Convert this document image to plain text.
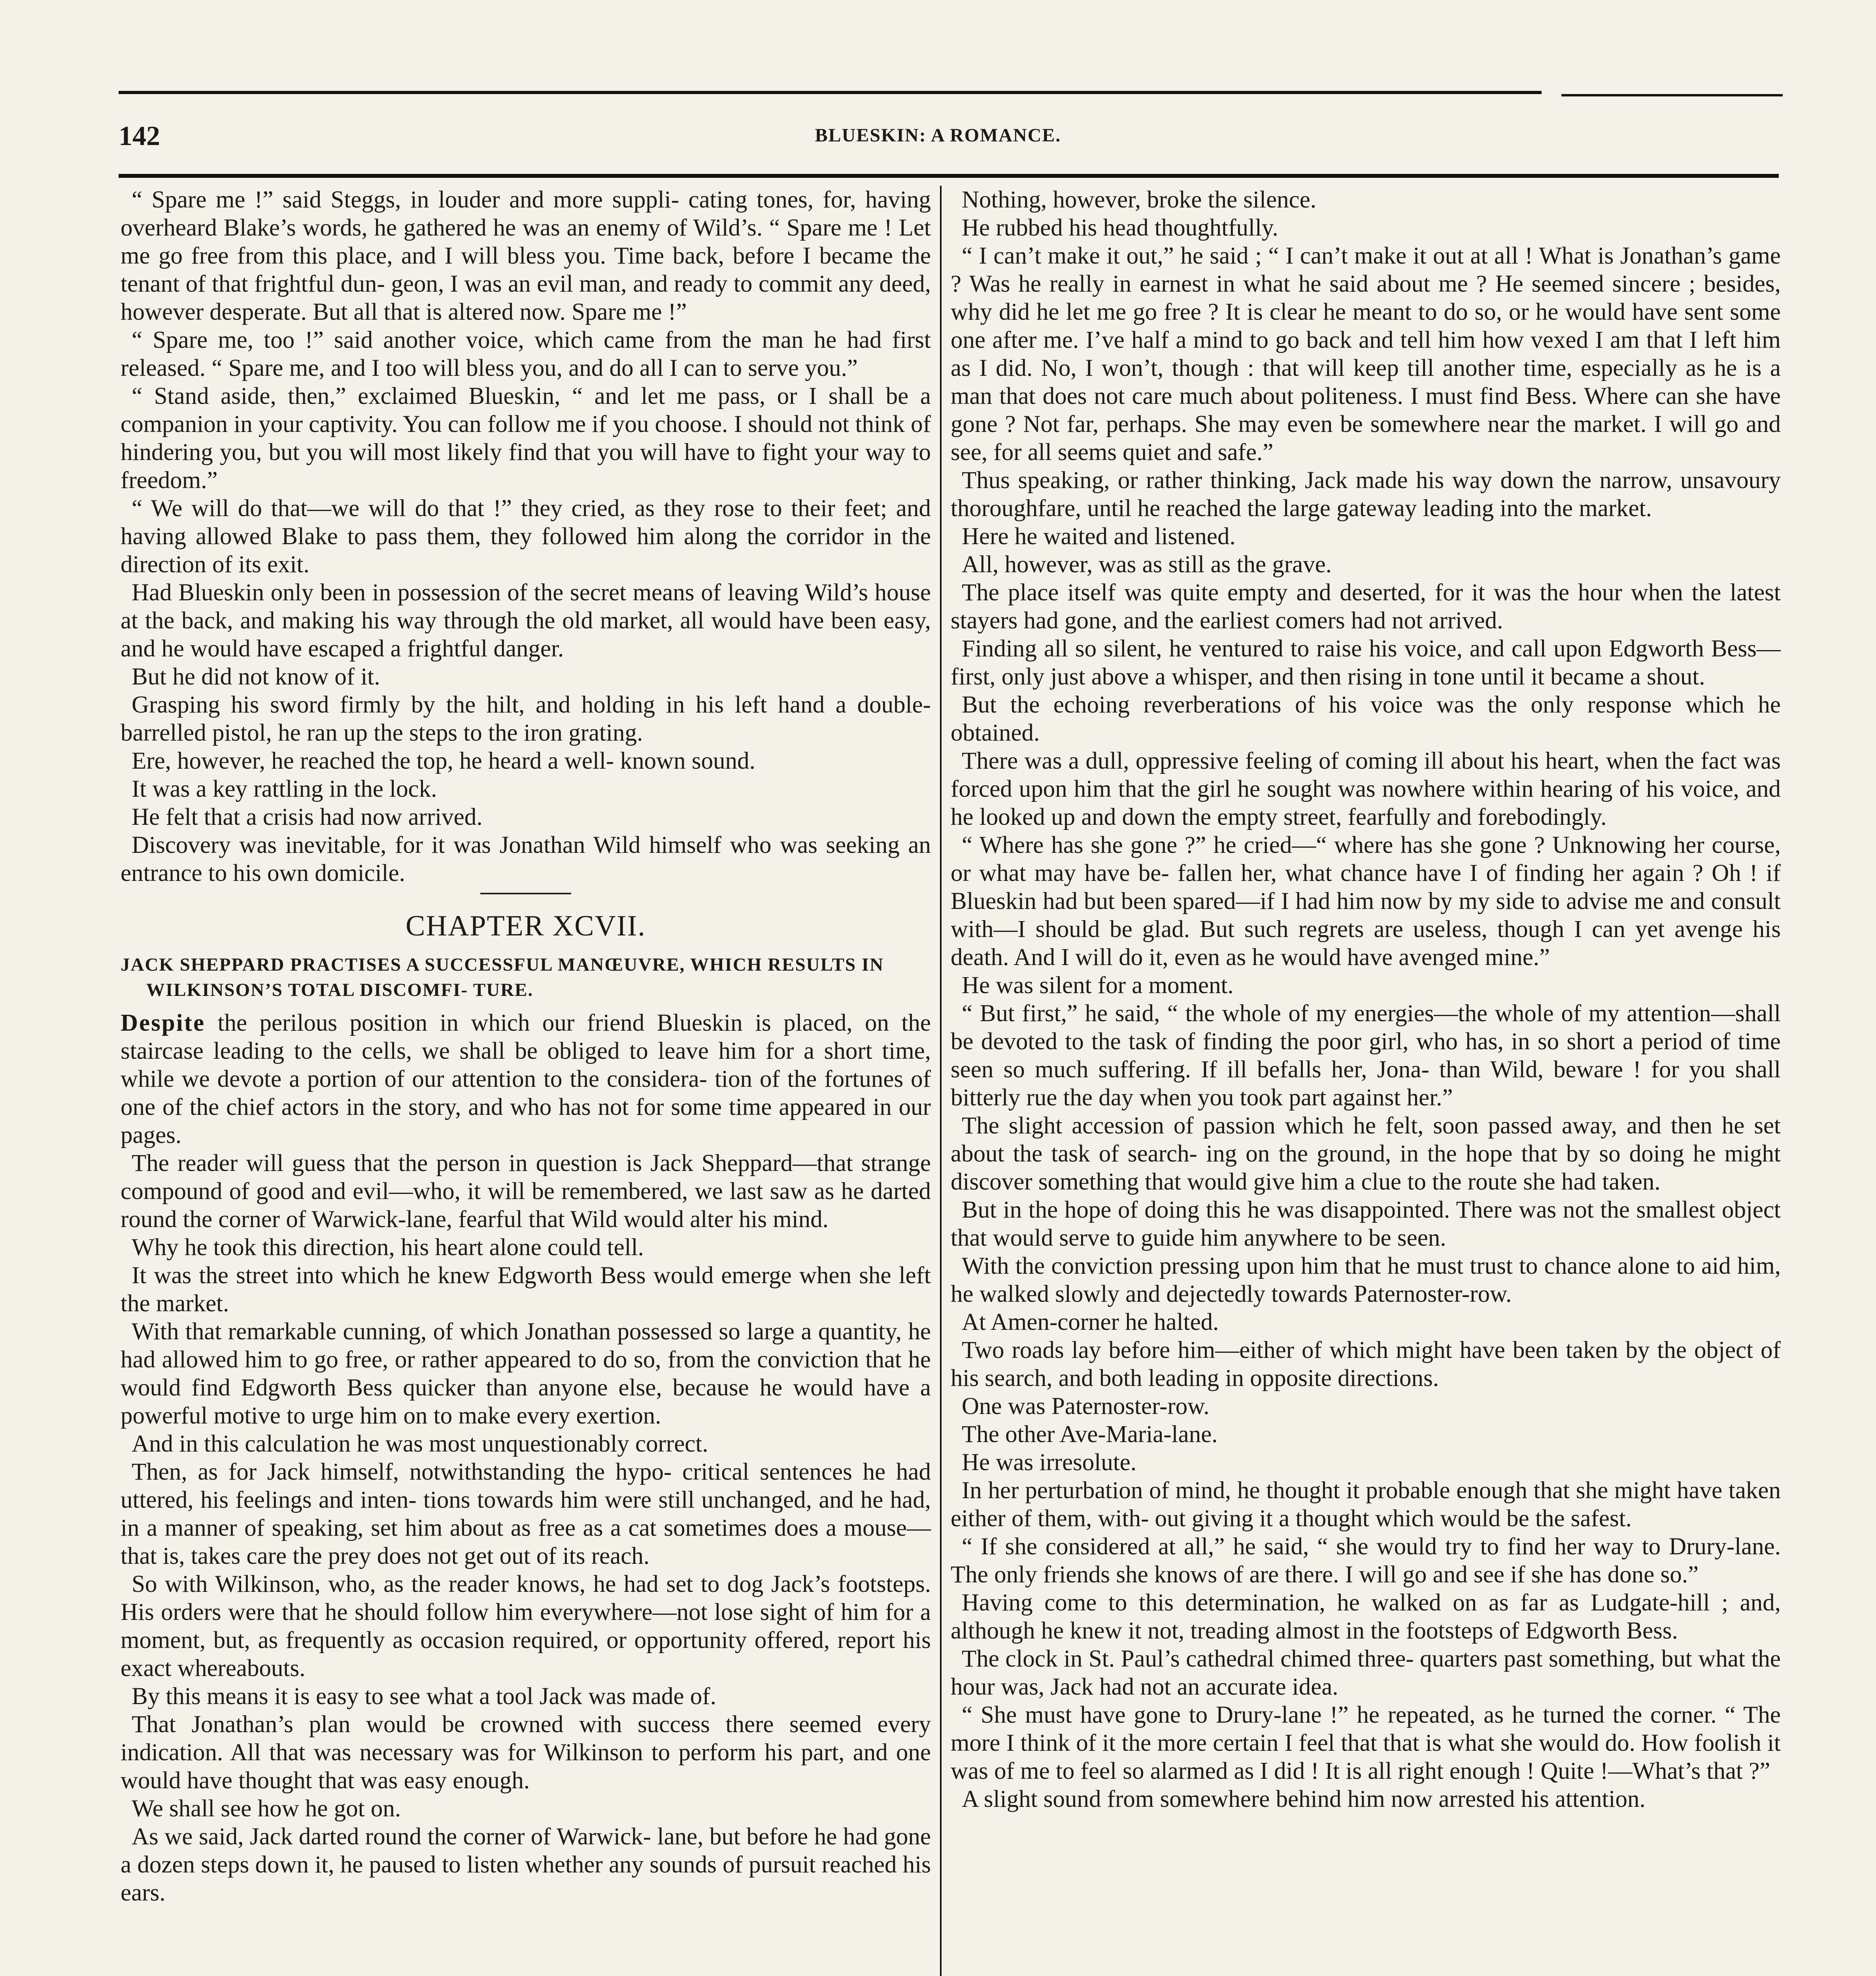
142	BLUESKIN: A ROMANCE.

“ Spare me !” said Steggs, in louder and more suppli- cating tones, for, having overheard Blake’s words, he gathered he was an enemy of Wild’s. “ Spare me ! Let me go free from this place, and I will bless you. Time back, before I became the tenant of that frightful dun- geon, I was an evil man, and ready to commit any deed, however desperate. But all that is altered now. Spare me !”

“ Spare me, too !” said another voice, which came from the man he had first released. “ Spare me, and I too will bless you, and do all I can to serve you.”

“ Stand aside, then,” exclaimed Blueskin, “ and let me pass, or I shall be a companion in your captivity. You can follow me if you choose. I should not think of hindering you, but you will most likely find that you will have to fight your way to freedom.”

“ We will do that—we will do that !” they cried, as they rose to their feet; and having allowed Blake to pass them, they followed him along the corridor in the direction of its exit.

Had Blueskin only been in possession of the secret means of leaving Wild’s house at the back, and making his way through the old market, all would have been easy, and he would have escaped a frightful danger.

But he did not know of it.

Grasping his sword firmly by the hilt, and holding in his left hand a double-barrelled pistol, he ran up the steps to the iron grating.

Ere, however, he reached the top, he heard a well- known sound.

It was a key rattling in the lock.

He felt that a crisis had now arrived.

Discovery was inevitable, for it was Jonathan Wild himself who was seeking an entrance to his own domicile.

CHAPTER XCVII.
JACK SHEPPARD PRACTISES A SUCCESSFUL MANŒUVRE, WHICH RESULTS IN WILKINSON’S TOTAL DISCOMFI- TURE.

Despite the perilous position in which our friend Blueskin is placed, on the staircase leading to the cells, we shall be obliged to leave him for a short time, while we devote a portion of our attention to the considera- tion of the fortunes of one of the chief actors in the story, and who has not for some time appeared in our pages.

The reader will guess that the person in question is Jack Sheppard—that strange compound of good and evil—who, it will be remembered, we last saw as he darted round the corner of Warwick-lane, fearful that Wild would alter his mind.

Why he took this direction, his heart alone could tell.

It was the street into which he knew Edgworth Bess would emerge when she left the market.

With that remarkable cunning, of which Jonathan possessed so large a quantity, he had allowed him to go free, or rather appeared to do so, from the conviction that he would find Edgworth Bess quicker than anyone else, because he would have a powerful motive to urge him on to make every exertion.

And in this calculation he was most unquestionably correct.

Then, as for Jack himself, notwithstanding the hypo- critical sentences he had uttered, his feelings and inten- tions towards him were still unchanged, and he had, in a manner of speaking, set him about as free as a cat sometimes does a mouse—that is, takes care the prey does not get out of its reach.

So with Wilkinson, who, as the reader knows, he had set to dog Jack’s footsteps. His orders were that he should follow him everywhere—not lose sight of him for a moment, but, as frequently as occasion required, or opportunity offered, report his exact whereabouts.

By this means it is easy to see what a tool Jack was made of.

That Jonathan’s plan would be crowned with success there seemed every indication. All that was necessary was for Wilkinson to perform his part, and one would have thought that was easy enough.

We shall see how he got on.

As we said, Jack darted round the corner of Warwick- lane, but before he had gone a dozen steps down it, he paused to listen whether any sounds of pursuit reached his ears.

Nothing, however, broke the silence.

He rubbed his head thoughtfully.

“ I can’t make it out,” he said ; “ I can’t make it out at all ! What is Jonathan’s game ? Was he really in earnest in what he said about me ? He seemed sincere ; besides, why did he let me go free ? It is clear he meant to do so, or he would have sent some one after me. I’ve half a mind to go back and tell him how vexed I am that I left him as I did. No, I won’t, though : that will keep till another time, especially as he is a man that does not care much about politeness. I must find Bess. Where can she have gone ? Not far, perhaps. She may even be somewhere near the market. I will go and see, for all seems quiet and safe.”

Thus speaking, or rather thinking, Jack made his way down the narrow, unsavoury thoroughfare, until he reached the large gateway leading into the market.

Here he waited and listened.

All, however, was as still as the grave.

The place itself was quite empty and deserted, for it was the hour when the latest stayers had gone, and the earliest comers had not arrived.

Finding all so silent, he ventured to raise his voice, and call upon Edgworth Bess—first, only just above a whisper, and then rising in tone until it became a shout.

But the echoing reverberations of his voice was the only response which he obtained.

There was a dull, oppressive feeling of coming ill about his heart, when the fact was forced upon him that the girl he sought was nowhere within hearing of his voice, and he looked up and down the empty street, fearfully and forebodingly.

“ Where has she gone ?” he cried—“ where has she gone ? Unknowing her course, or what may have be- fallen her, what chance have I of finding her again ? Oh ! if Blueskin had but been spared—if I had him now by my side to advise me and consult with—I should be glad. But such regrets are useless, though I can yet avenge his death. And I will do it, even as he would have avenged mine.”

He was silent for a moment.

“ But first,” he said, “ the whole of my energies—the whole of my attention—shall be devoted to the task of finding the poor girl, who has, in so short a period of time seen so much suffering. If ill befalls her, Jona- than Wild, beware ! for you shall bitterly rue the day when you took part against her.”

The slight accession of passion which he felt, soon passed away, and then he set about the task of search- ing on the ground, in the hope that by so doing he might discover something that would give him a clue to the route she had taken.

But in the hope of doing this he was disappointed. There was not the smallest object that would serve to guide him anywhere to be seen.

With the conviction pressing upon him that he must trust to chance alone to aid him, he walked slowly and dejectedly towards Paternoster-row.

At Amen-corner he halted.

Two roads lay before him—either of which might have been taken by the object of his search, and both leading in opposite directions.

One was Paternoster-row.

The other Ave-Maria-lane.

He was irresolute.

In her perturbation of mind, he thought it probable enough that she might have taken either of them, with- out giving it a thought which would be the safest.

“ If she considered at all,” he said, “ she would try to find her way to Drury-lane. The only friends she knows of are there. I will go and see if she has done so.”

Having come to this determination, he walked on as far as Ludgate-hill ; and, although he knew it not, treading almost in the footsteps of Edgworth Bess.

The clock in St. Paul’s cathedral chimed three- quarters past something, but what the hour was, Jack had not an accurate idea.

“ She must have gone to Drury-lane !” he repeated, as he turned the corner. “ The more I think of it the more certain I feel that that is what she would do. How foolish it was of me to feel so alarmed as I did ! It is all right enough ! Quite !—What’s that ?”

A slight sound from somewhere behind him now arrested his attention.
